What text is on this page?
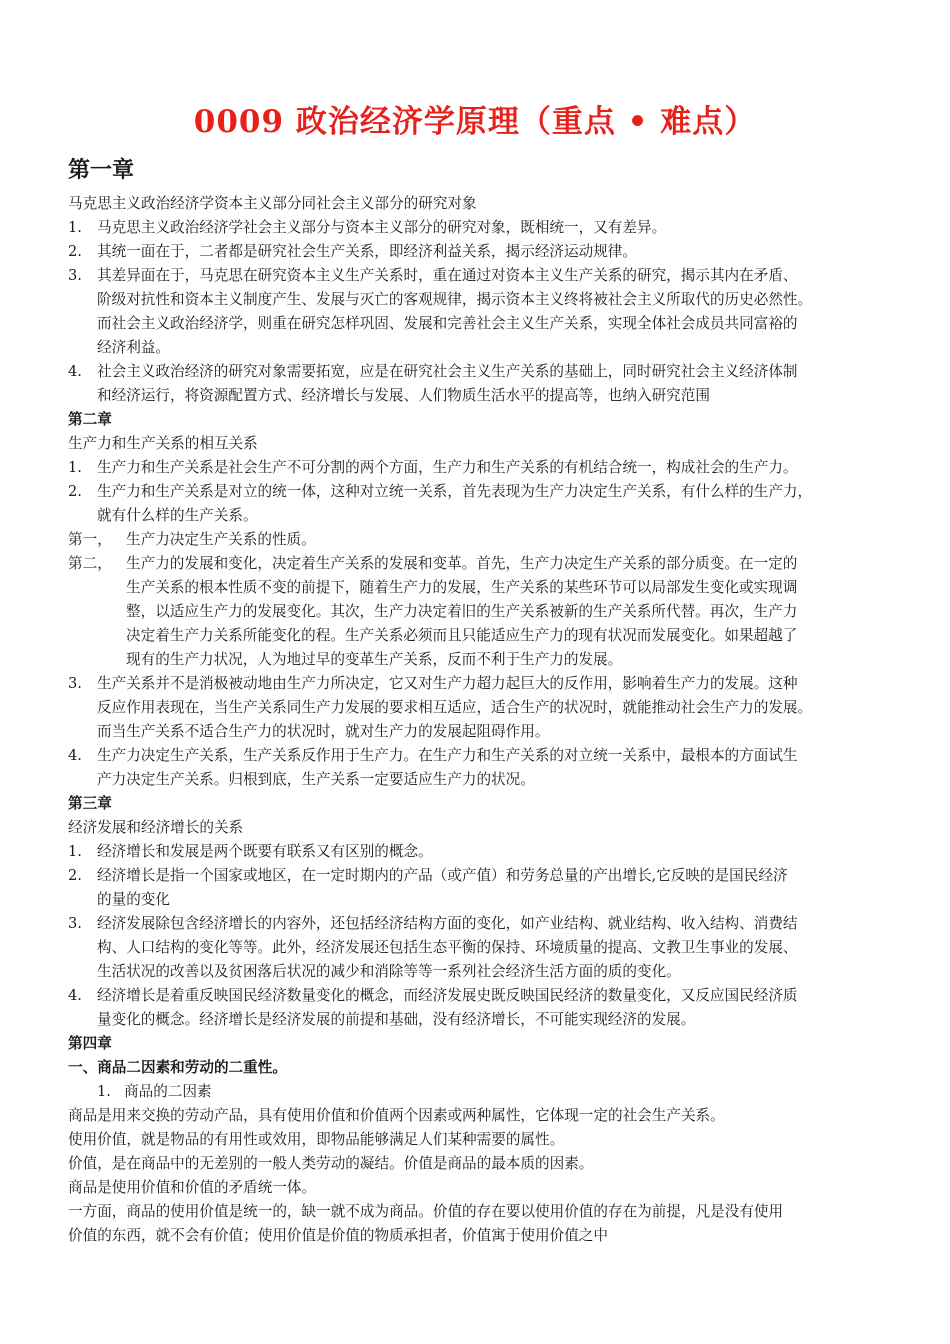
0009 政治经济学原理（重点 • 难点）
第一章
马克思主义政治经济学资本主义部分同社会主义部分的研究对象
1. 马克思主义政治经济学社会主义部分与资本主义部分的研究对象，既相统一，又有差异。
2. 其统一面在于，二者都是研究社会生产关系，即经济利益关系，揭示经济运动规律。
3. 其差异面在于，马克思在研究资本主义生产关系时，重在通过对资本主义生产关系的研究，揭示其内在矛盾、
阶级对抗性和资本主义制度产生、发展与灭亡的客观规律，揭示资本主义终将被社会主义所取代的历史必然性。
而社会主义政治经济学，则重在研究怎样巩固、发展和完善社会主义生产关系，实现全体社会成员共同富裕的
经济利益。
4. 社会主义政治经济的研究对象需要拓宽，应是在研究社会主义生产关系的基础上，同时研究社会主义经济体制
和经济运行，将资源配置方式、经济增长与发展、人们物质生活水平的提高等，也纳入研究范围
第二章
生产力和生产关系的相互关系
1. 生产力和生产关系是社会生产不可分割的两个方面，生产力和生产关系的有机结合统一，构成社会的生产力。
2. 生产力和生产关系是对立的统一体，这种对立统一关系，首先表现为生产力决定生产关系，有什么样的生产力，
就有什么样的生产关系。
第一， 生产力决定生产关系的性质。
第二， 生产力的发展和变化，决定着生产关系的发展和变革。首先，生产力决定生产关系的部分质变。在一定的
生产关系的根本性质不变的前提下，随着生产力的发展，生产关系的某些环节可以局部发生变化或实现调
整，以适应生产力的发展变化。其次，生产力决定着旧的生产关系被新的生产关系所代替。再次，生产力
决定着生产力关系所能变化的程。生产关系必须而且只能适应生产力的现有状况而发展变化。如果超越了
现有的生产力状况，人为地过早的变革生产关系，反而不利于生产力的发展。
3. 生产关系并不是消极被动地由生产力所决定，它又对生产力超力起巨大的反作用，影响着生产力的发展。这种
反应作用表现在，当生产关系同生产力发展的要求相互适应，适合生产的状况时，就能推动社会生产力的发展。
而当生产关系不适合生产力的状况时，就对生产力的发展起阻碍作用。
4. 生产力决定生产关系，生产关系反作用于生产力。在生产力和生产关系的对立统一关系中，最根本的方面试生
产力决定生产关系。归根到底，生产关系一定要适应生产力的状况。
第三章
经济发展和经济增长的关系
1. 经济增长和发展是两个既要有联系又有区别的概念。
2. 经济增长是指一个国家或地区，在一定时期内的产品（或产值）和劳务总量的产出增长,它反映的是国民经济
的量的变化
3. 经济发展除包含经济增长的内容外，还包括经济结构方面的变化，如产业结构、就业结构、收入结构、消费结
构、人口结构的变化等等。此外，经济发展还包括生态平衡的保持、环境质量的提高、文教卫生事业的发展、
生活状况的改善以及贫困落后状况的减少和消除等等一系列社会经济生活方面的质的变化。
4. 经济增长是着重反映国民经济数量变化的概念，而经济发展史既反映国民经济的数量变化，又反应国民经济质
量变化的概念。经济增长是经济发展的前提和基础，没有经济增长，不可能实现经济的发展。
第四章
一、商品二因素和劳动的二重性。
1. 商品的二因素
商品是用来交换的劳动产品，具有使用价值和价值两个因素或两种属性，它体现一定的社会生产关系。
使用价值，就是物品的有用性或效用，即物品能够满足人们某种需要的属性。
价值，是在商品中的无差别的一般人类劳动的凝结。价值是商品的最本质的因素。
商品是使用价值和价值的矛盾统一体。
一方面，商品的使用价值是统一的，缺一就不成为商品。价值的存在要以使用价值的存在为前提，凡是没有使用
价值的东西，就不会有价值；使用价值是价值的物质承担者，价值寓于使用价值之中
